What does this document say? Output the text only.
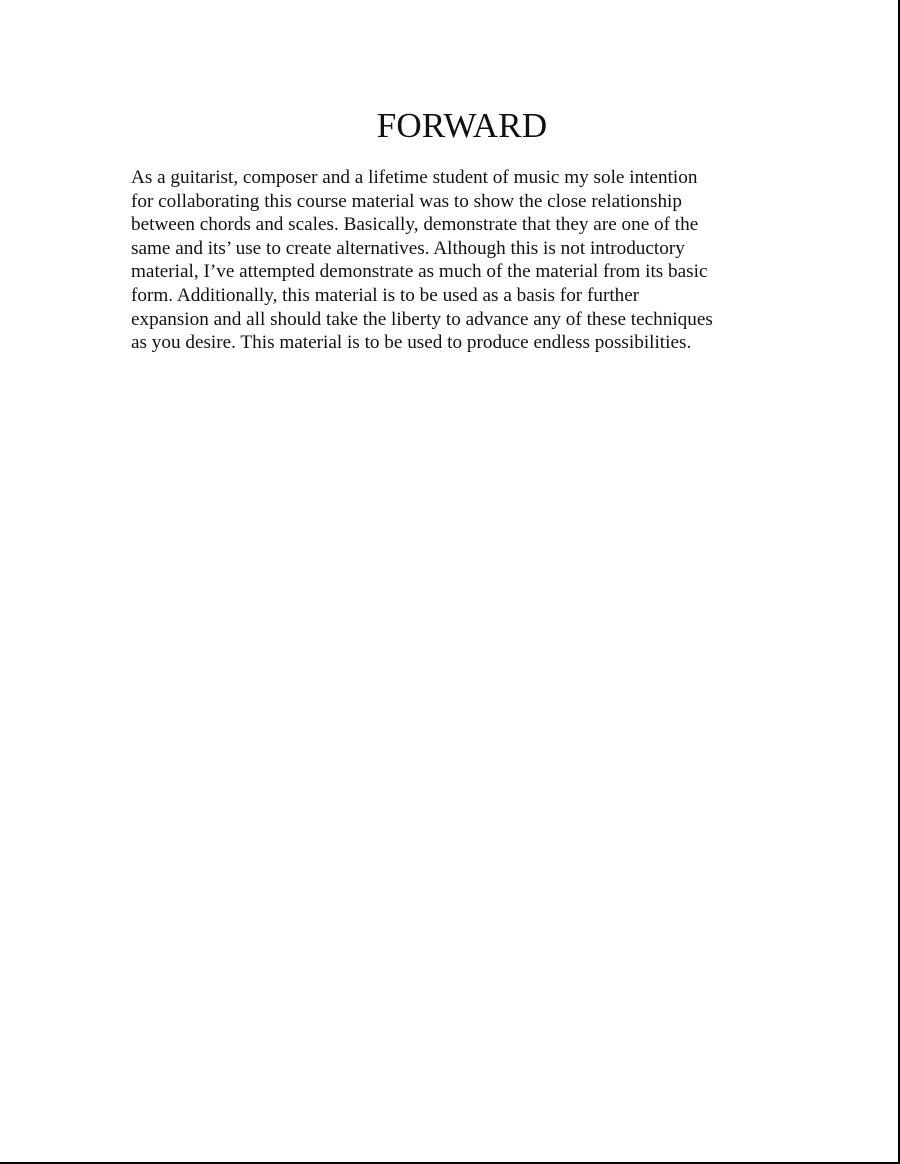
FORWARD

As a guitarist, composer and a lifetime student of music my sole intention
for collaborating this course material was to show the close relationship
between chords and scales. Basically, demonstrate that they are one of the
same and its’ use to create alternatives. Although this is not introductory
material, I’ve attempted demonstrate as much of the material from its basic
form. Additionally, this material is to be used as a basis for further
expansion and all should take the liberty to advance any of these techniques
as you desire. This material is to be used to produce endless possibilities.
